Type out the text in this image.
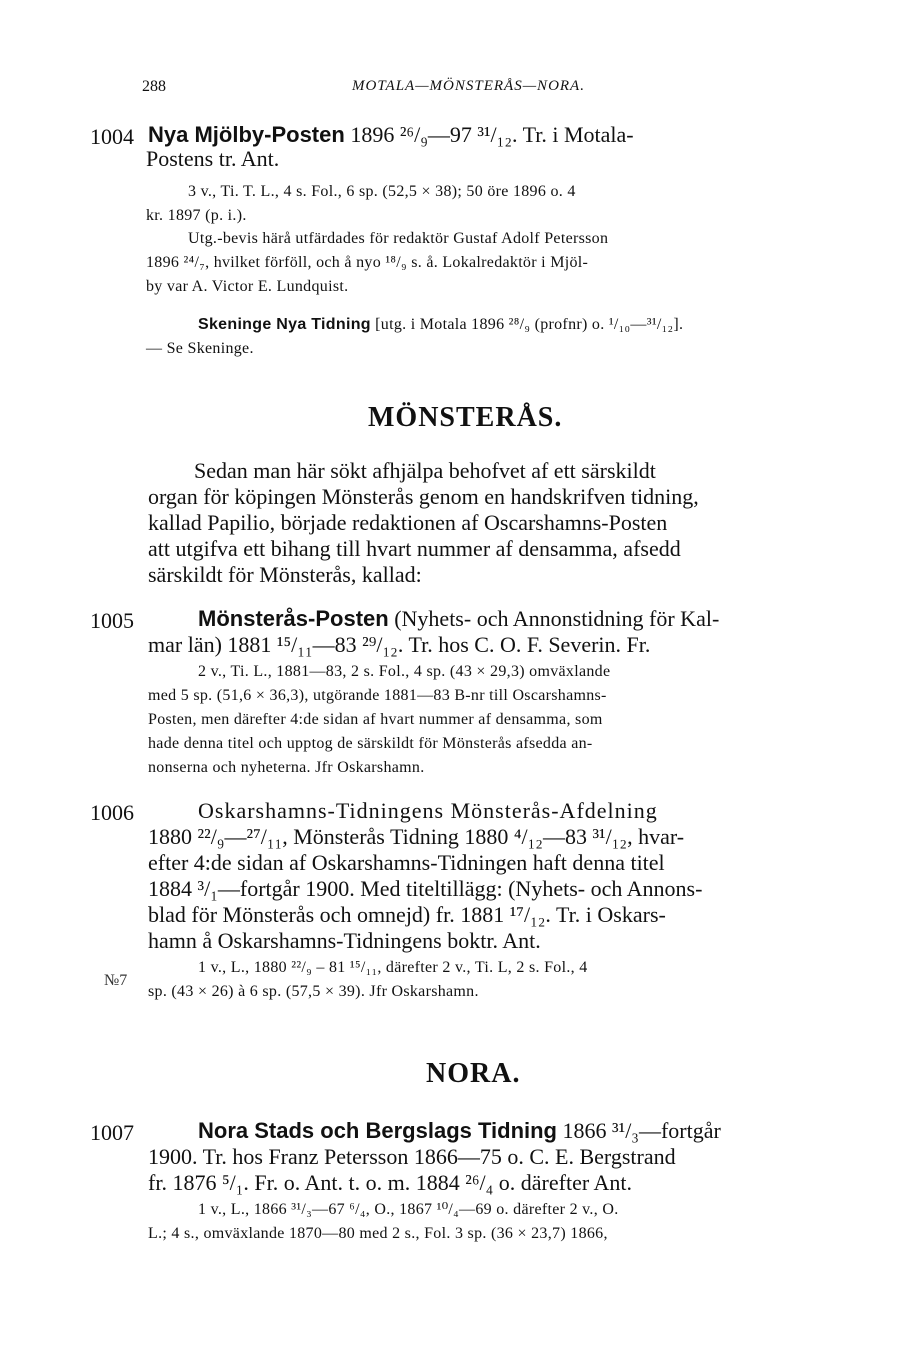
288	MOTALA—MÖNSTERÅS—NORA.
1004 Nya Mjölby-Posten 1896 ²⁶/₉—97 ³¹/₁₂. Tr. i Motala-
Postens tr. Ant.
3 v., Ti. T. L., 4 s. Fol., 6 sp. (52,5 × 38); 50 öre 1896 o. 4
kr. 1897 (p. i.).
Utg.-bevis härå utfärdades för redaktör Gustaf Adolf Petersson
1896 ²⁴/₇, hvilket förföll, och å nyo ¹⁸/₉ s. å. Lokalredaktör i Mjöl-
by var A. Victor E. Lundquist.
Skeninge Nya Tidning [utg. i Motala 1896 ²⁸/₉ (profnr) o. ¹/₁₀—³¹/₁₂].
— Se Skeninge.
MÖNSTERÅS.
Sedan man här sökt afhjälpa behofvet af ett särskildt
organ för köpingen Mönsterås genom en handskrifven tidning,
kallad Papilio, började redaktionen af Oscarshamns-Posten
att utgifva ett bihang till hvart nummer af densamma, afsedd
särskildt för Mönsterås, kallad:
1005	Mönsterås-Posten (Nyhets- och Annonstidning för Kal-
mar län) 1881 ¹⁵/₁₁—83 ²⁹/₁₂. Tr. hos C. O. F. Severin. Fr.
2 v., Ti. L., 1881—83, 2 s. Fol., 4 sp. (43 × 29,3) omväxlande
med 5 sp. (51,6 × 36,3), utgörande 1881—83 B-nr till Oscarshamns-
Posten, men därefter 4:de sidan af hvart nummer af densamma, som
hade denna titel och upptog de särskildt för Mönsterås afsedda an-
nonserna och nyheterna. Jfr Oskarshamn.
1006	Oskarshamns-Tidningens Mönsterås-Afdelning
1880 ²²/₉—²⁷/₁₁, Mönsterås Tidning 1880 ⁴/₁₂—83 ³¹/₁₂, hvar-
efter 4:de sidan af Oskarshamns-Tidningen haft denna titel
1884 ³/₁—fortgår 1900. Med titeltillägg: (Nyhets- och Annons-
blad för Mönsterås och omnejd) fr. 1881 ¹⁷/₁₂. Tr. i Oskars-
hamn å Oskarshamns-Tidningens boktr. Ant.
1 v., L., 1880 ²²/₉ – 81 ¹⁵/₁₁, därefter 2 v., Ti. L, 2 s. Fol., 4
sp. (43 × 26) à 6 sp. (57,5 × 39). Jfr Oskarshamn.
№7
NORA.
1007	Nora Stads och Bergslags Tidning 1866 ³¹/₃—fortgår
1900. Tr. hos Franz Petersson 1866—75 o. C. E. Bergstrand
fr. 1876 ⁵/₁. Fr. o. Ant. t. o. m. 1884 ²⁶/₄ o. därefter Ant.
1 v., L., 1866 ³¹/₃—67 ⁶/₄, O., 1867 ¹⁰/₄—69 o. därefter 2 v., O.
L.; 4 s., omväxlande 1870—80 med 2 s., Fol. 3 sp. (36 × 23,7) 1866,
